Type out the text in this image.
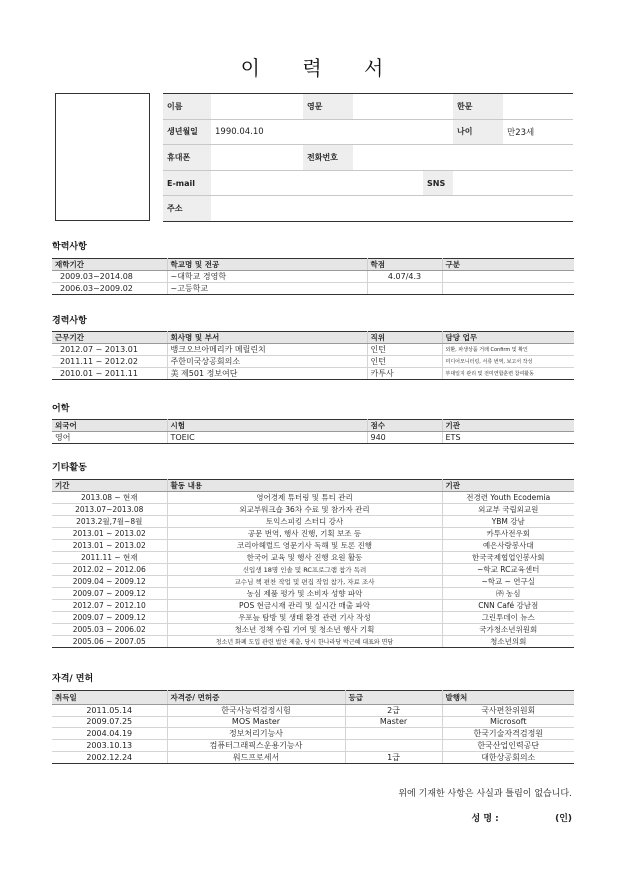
이 력 서
이름		영문			한문	
생년월일	1990.04.10				나이	만23세
휴대폰		전화번호				
E-mail				SNS		
주소						
학력사항
재학기간	학교명 및 전공	학점	구분
2009.03~2014.08	~대학교 경영학	4.07/4.3	
2006.03~2009.02	~고등학교		
경력사항
근무기간	회사명 및 부서	직위	담당 업무
2012.07 ~ 2013.01	뱅크오브아메리카 메릴린치	인턴	외환, 파생상품 거래 Confirm 및 확인
2011.11 ~ 2012.02	주한미국상공회의소	인턴	미디어모니터링, 서류 번역, 보고서 작성
2010.01 ~ 2011.11	美 제501 정보여단	카투사	부대일지 관리 및 전미연합훈련 참여활동
어학
외국어	시험	점수	기관
영어	TOEIC	940	ETS
기타활동
기간	활동 내용	기관
2013.08 ~ 현재	영어경제 튜터링 및 튜티 관리	전경련 Youth Ecodemia
2013.07~2013.08	외교부워크숍 36차 수료 및 참가자 관리	외교부 국립외교원
2013.2월,7월~8월	토익스피킹 스터디 강사	YBM 강남
2013.01 ~ 2013.02	공문 번역, 행사 진행, 기획 보조 등	카투사전우회
2013.01 ~ 2013.02	코리아헤럴드 영문기사 독해 및 토론 진행	예은사랑봉사대
2011.11 ~ 현재	한국어 교육 및 행사 진행 요원 활동	한국국제협업인봉사회
2012.02 ~ 2012.06	신입생 18명 인솔 및 RC프로그램 참가 독려	~학교 RC교육센터
2009.04 ~ 2009.12	교수님 책 편찬 작업 및 편집 작업 참가, 자료 조사	~학교 ~ 연구실
2009.07 ~ 2009.12	농심 제품 평가 및 소비자 성향 파악	㈜ 농심
2012.07 ~ 2012.10	POS 현금시재 관리 및 실시간 매출 파악	CNN Café 강남점
2009.07 ~ 2009.12	우포늪 탐방 및 생태 환경 관련 기사 작성	그린투데이 뉴스
2005.03 ~ 2006.02	청소년 정책 수립 기여 및 청소년 행사 기획	국가청소년위원회
2005.06 ~ 2007.05	청소년 화폐 도입 관련 법안 제출, 당시 한나라당 박근혜 대표와 면담	청소년의회
자격/ 면허
취득일	자격증/ 면허증	등급	발행처
2011.05.14	한국사능력검정시험	2급	국사편찬위원회
2009.07.25	MOS Master	Master	Microsoft
2004.04.19	정보처리기능사		한국기술자격검정원
2003.10.13	컴퓨터그래픽스운용기능사		한국산업인력공단
2002.12.24	워드프로세서	1급	대한상공회의소
위에 기재한 사항은 사실과 틀림이 없습니다.
성 명 :	(인)
